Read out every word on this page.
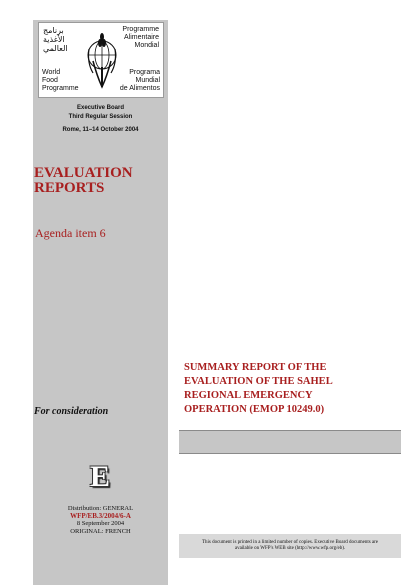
برنامج
الأغذية
العالمي
Programme
Alimentaire
Mondial
World
Food
Programme
Programa
Mundial
de Alimentos
Executive Board
Third Regular Session
Rome, 11–14 October 2004
EVALUATION
REPORTS
Agenda item 6
For consideration
E
Distribution: GENERAL
WFP/EB.3/2004/6-A
8 September 2004
ORIGINAL: FRENCH
SUMMARY REPORT OF THE
EVALUATION OF THE SAHEL
REGIONAL EMERGENCY
OPERATION (EMOP 10249.0)
This document is printed in a limited number of copies. Executive Board documents are
available on WFP's WEB site (http://www.wfp.org/eb).
